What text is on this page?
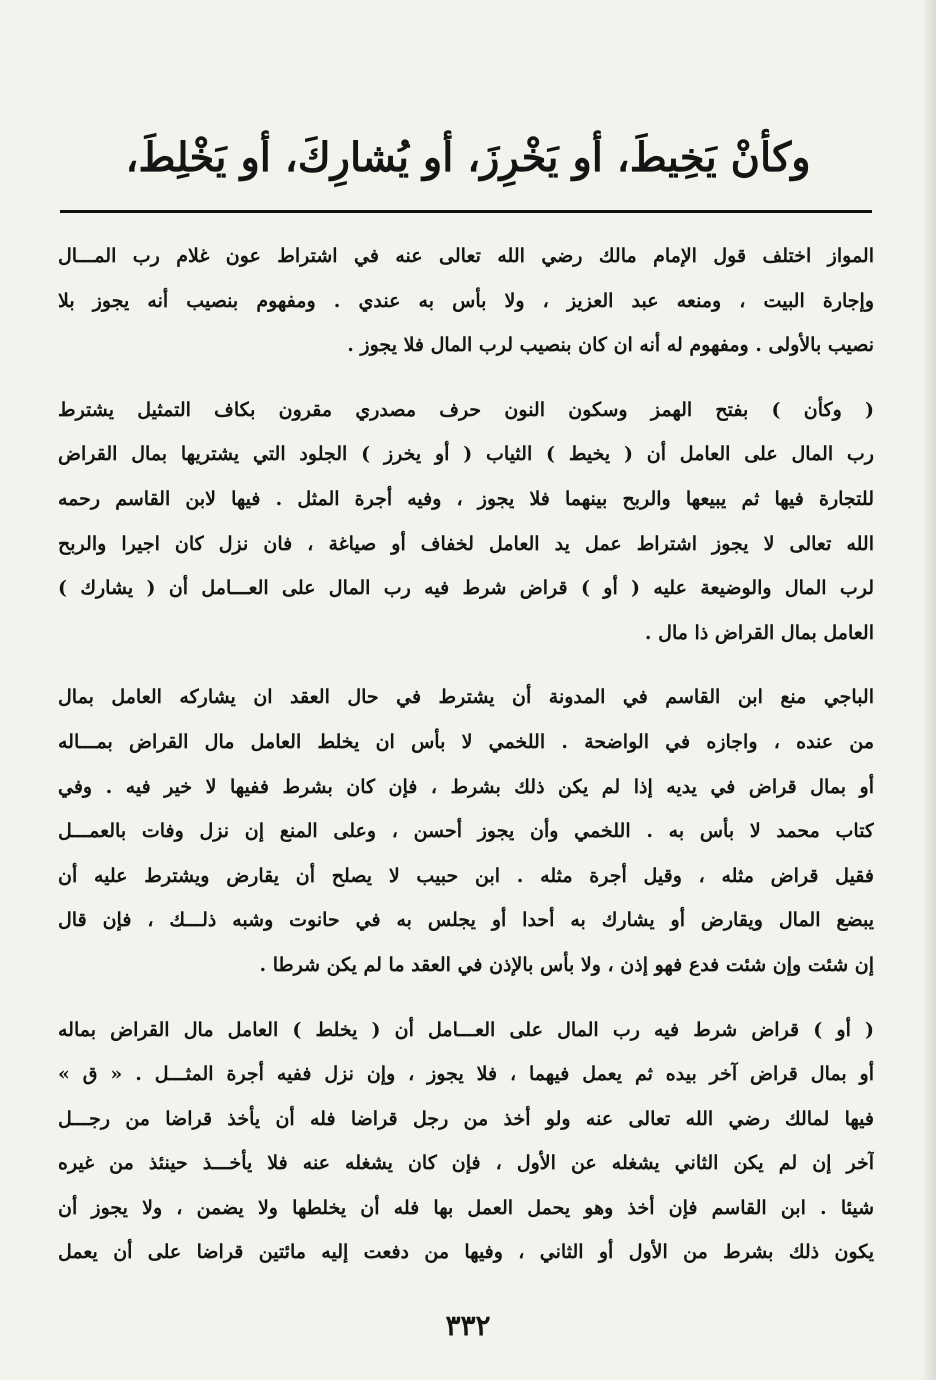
وكأنْ يَخِيطَ، أو يَخْرِزَ، أو يُشارِكَ، أو يَخْلِطَ،
المواز اختلف قول الإمام مالك رضي الله تعالى عنه في اشتراط عون غلام رب المـــال
وإجارة البيت ، ومنعه عبد العزيز ، ولا بأس به عندي . ومفهوم بنصيب أنه يجوز بلا
نصيب بالأولى . ومفهوم له أنه ان كان بنصيب لرب المال فلا يجوز .
( وكأن ) بفتح الهمز وسكون النون حرف مصدري مقرون بكاف التمثيل يشترط
رب المال على العامل أن ( يخيط ) الثياب ( أو يخرز ) الجلود التي يشتريها بمال القراض
للتجارة فيها ثم يبيعها والربح بينهما فلا يجوز ، وفيه أجرة المثل . فيها لابن القاسم رحمه
الله تعالى لا يجوز اشتراط عمل يد العامل لخفاف أو صياغة ، فان نزل كان اجيرا والربح
لرب المال والوضيعة عليه ( أو ) قراض شرط فيه رب المال على العـــامل أن ( يشارك )
العامل بمال القراض ذا مال .
الباجي منع ابن القاسم في المدونة أن يشترط في حال العقد ان يشاركه العامل بمال
من عنده ، واجازه في الواضحة . اللخمي لا بأس ان يخلط العامل مال القراض بمـــاله
أو بمال قراض في يديه إذا لم يكن ذلك بشرط ، فإن كان بشرط ففيها لا خير فيه . وفي
كتاب محمد لا بأس به . اللخمي وأن يجوز أحسن ، وعلى المنع إن نزل وفات بالعمـــل
فقيل قراض مثله ، وقيل أجرة مثله . ابن حبيب لا يصلح أن يقارض ويشترط عليه أن
يبضع المال ويقارض أو يشارك به أحدا أو يجلس به في حانوت وشبه ذلـــك ، فإن قال
إن شئت وإن شئت فدع فهو إذن ، ولا بأس بالإذن في العقد ما لم يكن شرطا .
( أو ) قراض شرط فيه رب المال على العـــامل أن ( يخلط ) العامل مال القراض بماله
أو بمال قراض آخر بيده ثم يعمل فيهما ، فلا يجوز ، وإن نزل ففيه أجرة المثـــل . « ق »
فيها لمالك رضي الله تعالى عنه ولو أخذ من رجل قراضا فله أن يأخذ قراضا من رجـــل
آخر إن لم يكن الثاني يشغله عن الأول ، فإن كان يشغله عنه فلا يأخـــذ حينئذ من غيره
شيئا . ابن القاسم فإن أخذ وهو يحمل العمل بها فله أن يخلطها ولا يضمن ، ولا يجوز أن
يكون ذلك بشرط من الأول أو الثاني ، وفيها من دفعت إليه مائتين قراضا على أن يعمل
٣٣٢
